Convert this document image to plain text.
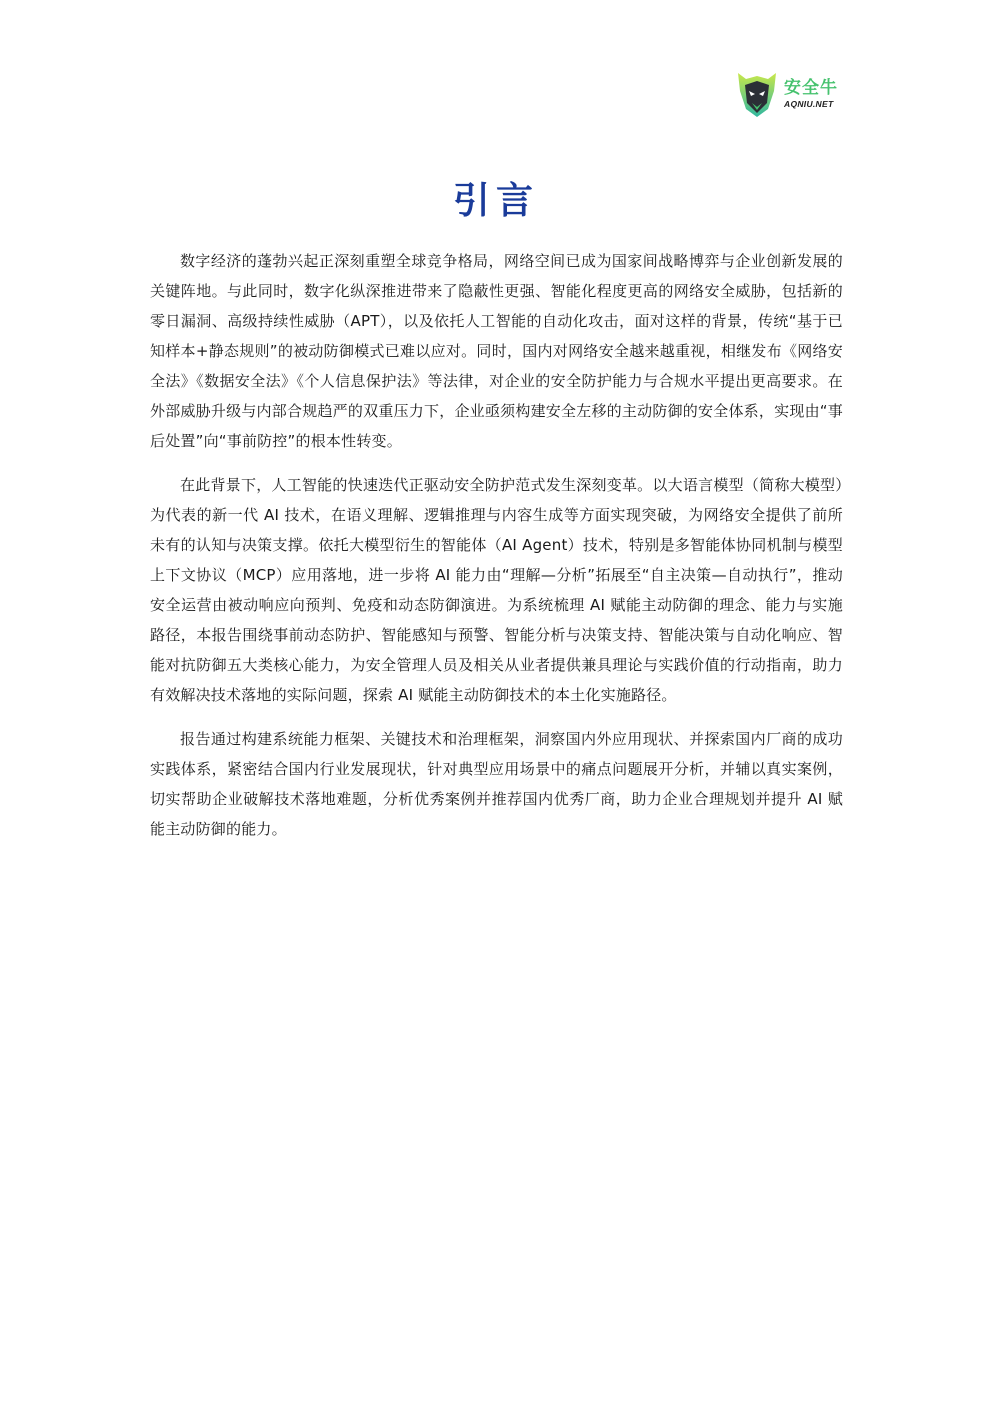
安全牛
AQNIU.NET
引言

数字经济的蓬勃兴起正深刻重塑全球竞争格局，网络空间已成为国家间战略博弈与企业创新发展的关键阵地。与此同时，数字化纵深推进带来了隐蔽性更强、智能化程度更高的网络安全威胁，包括新的零日漏洞、高级持续性威胁（APT），以及依托人工智能的自动化攻击，面对这样的背景，传统“基于已知样本+静态规则”的被动防御模式已难以应对。同时，国内对网络安全越来越重视，相继发布《网络安全法》《数据安全法》《个人信息保护法》等法律，对企业的安全防护能力与合规水平提出更高要求。在外部威胁升级与内部合规趋严的双重压力下，企业亟须构建安全左移的主动防御的安全体系，实现由“事后处置”向“事前防控”的根本性转变。

在此背景下，人工智能的快速迭代正驱动安全防护范式发生深刻变革。以大语言模型（简称大模型）为代表的新一代 AI 技术，在语义理解、逻辑推理与内容生成等方面实现突破，为网络安全提供了前所未有的认知与决策支撑。依托大模型衍生的智能体（AI Agent）技术，特别是多智能体协同机制与模型上下文协议（MCP）应用落地，进一步将 AI 能力由“理解—分析”拓展至“自主决策—自动执行”，推动安全运营由被动响应向预判、免疫和动态防御演进。为系统梳理 AI 赋能主动防御的理念、能力与实施路径，本报告围绕事前动态防护、智能感知与预警、智能分析与决策支持、智能决策与自动化响应、智能对抗防御五大类核心能力，为安全管理人员及相关从业者提供兼具理论与实践价值的行动指南，助力有效解决技术落地的实际问题，探索 AI 赋能主动防御技术的本土化实施路径。

报告通过构建系统能力框架、关键技术和治理框架，洞察国内外应用现状、并探索国内厂商的成功实践体系，紧密结合国内行业发展现状，针对典型应用场景中的痛点问题展开分析，并辅以真实案例，切实帮助企业破解技术落地难题，分析优秀案例并推荐国内优秀厂商，助力企业合理规划并提升 AI 赋能主动防御的能力。
